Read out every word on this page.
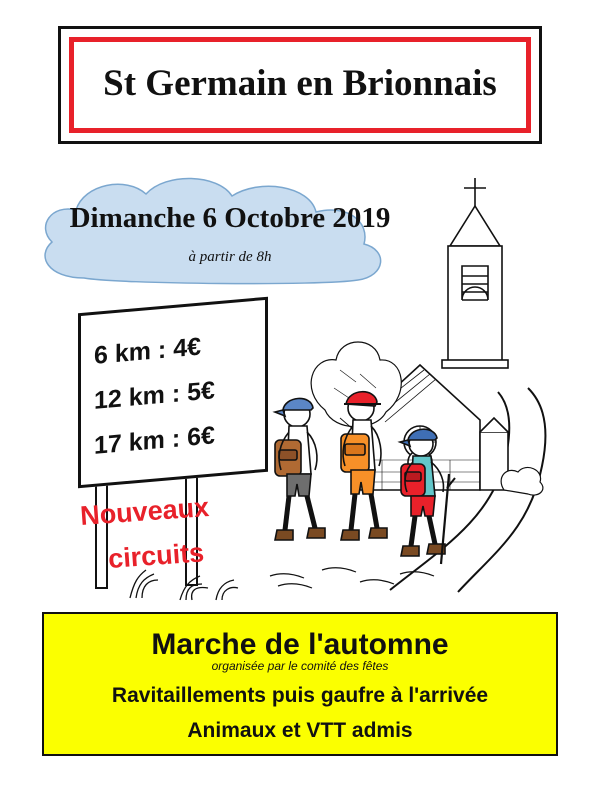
St Germain en Brionnais
Dimanche 6 Octobre 2019
à partir de 8h
6 km : 4€
12 km : 5€
17 km : 6€
Nouveaux
circuits
Marche de l'automne
organisée par le comité des fêtes
Ravitaillements puis gaufre à l'arrivée
Animaux et VTT admis
